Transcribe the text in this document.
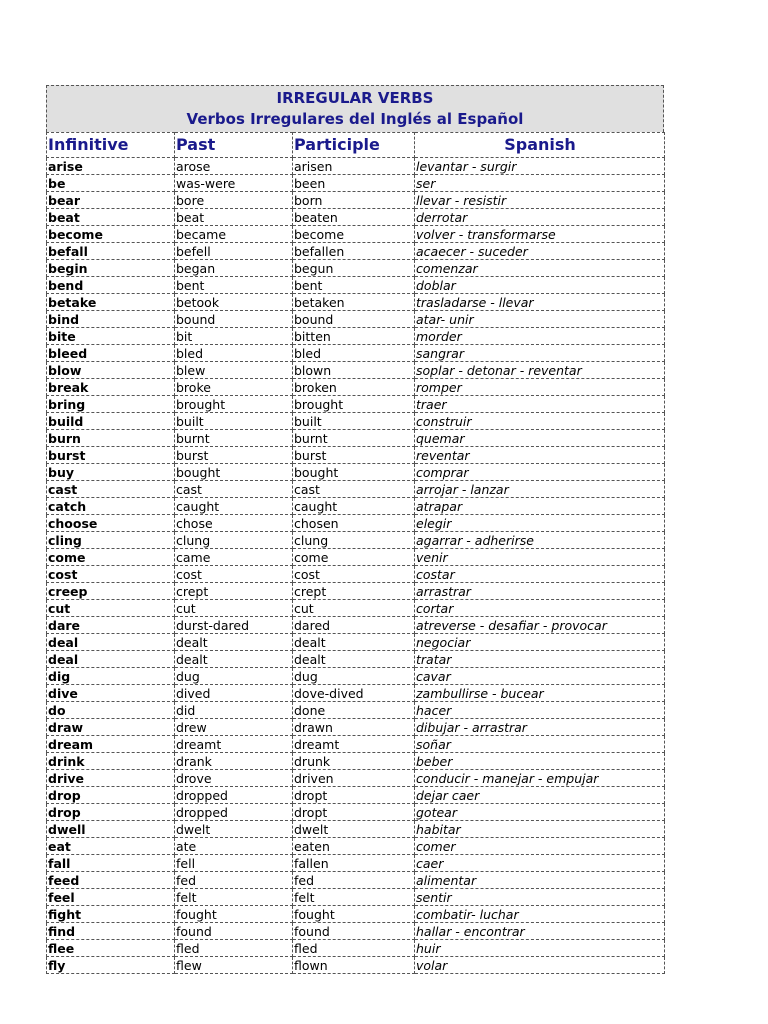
IRREGULAR VERBS
Verbos Irregulares del Inglés al Español
Infinitive	Past	Participle	Spanish
arise	arose	arisen	levantar - surgir
be	was-were	been	ser
bear	bore	born	llevar - resistir
beat	beat	beaten	derrotar
become	became	become	volver - transformarse
befall	befell	befallen	acaecer - suceder
begin	began	begun	comenzar
bend	bent	bent	doblar
betake	betook	betaken	trasladarse - llevar
bind	bound	bound	atar- unir
bite	bit	bitten	morder
bleed	bled	bled	sangrar
blow	blew	blown	soplar - detonar - reventar
break	broke	broken	romper
bring	brought	brought	traer
build	built	built	construir
burn	burnt	burnt	quemar
burst	burst	burst	reventar
buy	bought	bought	comprar
cast	cast	cast	arrojar - lanzar
catch	caught	caught	atrapar
choose	chose	chosen	elegir
cling	clung	clung	agarrar - adherirse
come	came	come	venir
cost	cost	cost	costar
creep	crept	crept	arrastrar
cut	cut	cut	cortar
dare	durst-dared	dared	atreverse - desafiar - provocar
deal	dealt	dealt	negociar
deal	dealt	dealt	tratar
dig	dug	dug	cavar
dive	dived	dove-dived	zambullirse - bucear
do	did	done	hacer
draw	drew	drawn	dibujar - arrastrar
dream	dreamt	dreamt	soñar
drink	drank	drunk	beber
drive	drove	driven	conducir - manejar - empujar
drop	dropped	dropt	dejar caer
drop	dropped	dropt	gotear
dwell	dwelt	dwelt	habitar
eat	ate	eaten	comer
fall	fell	fallen	caer
feed	fed	fed	alimentar
feel	felt	felt	sentir
fight	fought	fought	combatir- luchar
find	found	found	hallar - encontrar
flee	fled	fled	huir
fly	flew	flown	volar
